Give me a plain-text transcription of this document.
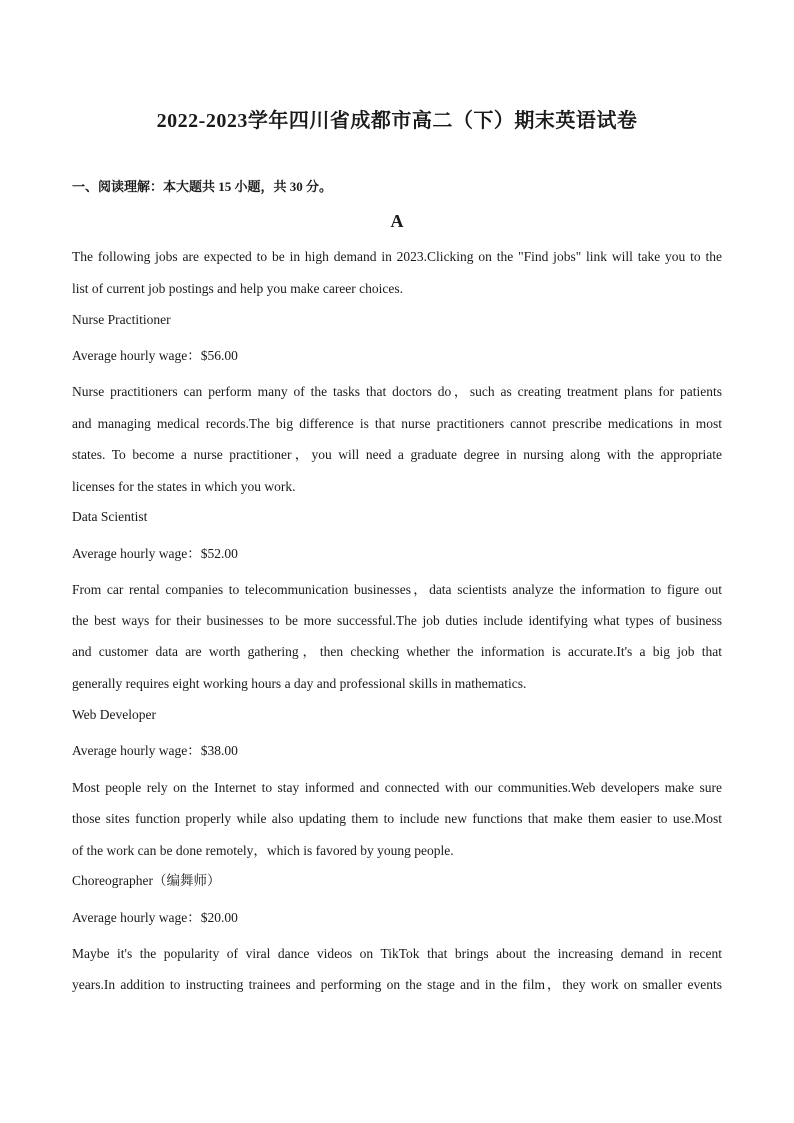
2022-2023学年四川省成都市高二（下）期末英语试卷
一、阅读理解：本大题共 15 小题，共 30 分。
A
The following jobs are expected to be in high demand in 2023.Clicking on the "Find jobs" link will take you to the
list of current job postings and help you make career choices.
Nurse Practitioner
Average hourly wage：$56.00
Nurse practitioners can perform many of the tasks that doctors do，such as creating treatment plans for patients
and managing medical records.The big difference is that nurse practitioners cannot prescribe medications in most
states. To become a nurse practitioner，you will need a graduate degree in nursing along with the appropriate
licenses for the states in which you work.
Data Scientist
Average hourly wage：$52.00
From car rental companies to telecommunication businesses，data scientists analyze the information to figure out
the best ways for their businesses to be more successful.The job duties include identifying what types of business
and customer data are worth gathering，then checking whether the information is accurate.It's a big job that
generally requires eight working hours a day and professional skills in mathematics.
Web Developer
Average hourly wage：$38.00
Most people rely on the Internet to stay informed and connected with our communities.Web developers make sure
those sites function properly while also updating them to include new functions that make them easier to use.Most
of the work can be done remotely，which is favored by young people.
Choreographer（编舞师）
Average hourly wage：$20.00
Maybe it's the popularity of viral dance videos on TikTok that brings about the increasing demand in recent
years.In addition to instructing trainees and performing on the stage and in the film，they work on smaller events
